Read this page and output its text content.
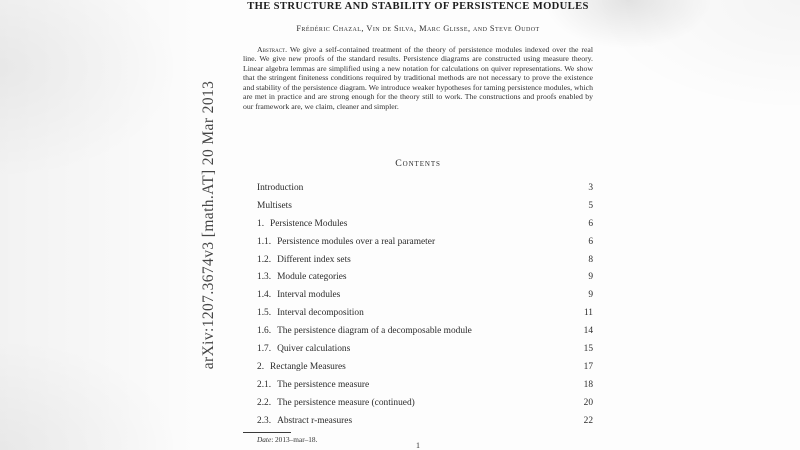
arXiv:1207.3674v3 [math.AT] 20 Mar 2013
THE STRUCTURE AND STABILITY OF PERSISTENCE MODULES
Frédéric Chazal, Vin de Silva, Marc Glisse, and Steve Oudot
Abstract. We give a self-contained treatment of the theory of persistence modules indexed over the real line. We give new proofs of the standard results. Persistence diagrams are constructed using measure theory. Linear algebra lemmas are simplified using a new notation for calculations on quiver representations. We show that the stringent finiteness conditions required by traditional methods are not necessary to prove the existence and stability of the persistence diagram. We introduce weaker hypotheses for taming persistence modules, which are met in practice and are strong enough for the theory still to work. The constructions and proofs enabled by our framework are, we claim, cleaner and simpler.
Contents
Introduction	3
Multisets	5
1. Persistence Modules	6
1.1. Persistence modules over a real parameter	6
1.2. Different index sets	8
1.3. Module categories	9
1.4. Interval modules	9
1.5. Interval decomposition	11
1.6. The persistence diagram of a decomposable module	14
1.7. Quiver calculations	15
2. Rectangle Measures	17
2.1. The persistence measure	18
2.2. The persistence measure (continued)	20
2.3. Abstract r-measures	22
Date: 2013–mar–18.
1
